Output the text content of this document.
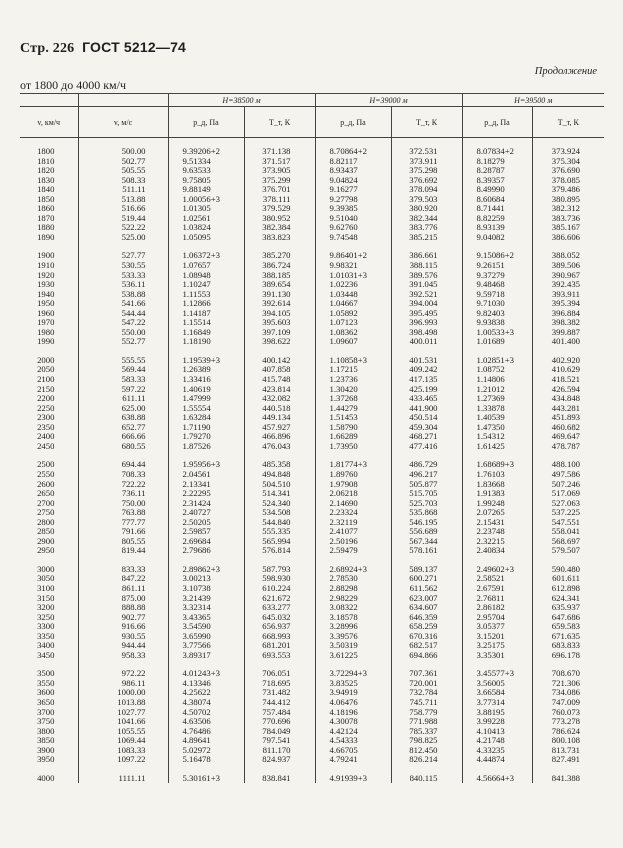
Стр. 226 ГОСТ 5212—74
Продолжение
от 1800 до 4000 км/ч
		H=38500 м		H=39000 м		H=39500 м	
v, км/ч	v, м/с	p_д, Па	T_т, К	p_д, Па	T_т, К	p_д, Па	T_т, К

1800	500.00	9.39206+2	371.138	8.70864+2	372.531	8.07834+2	373.924
1810	502.77	9.51334	371.517	8.82117	373.911	8.18279	375.304
1820	505.55	9.63533	373.905	8.93437	375.298	8.28787	376.690
1830	508.33	9.75805	375.299	9.04824	376.692	8.39357	378.085
1840	511.11	9.88149	376.701	9.16277	378.094	8.49990	379.486
1850	513.88	1.00056+3	378.111	9.27798	379.503	8.60684	380.895
1860	516.66	1.01305	379.529	9.39385	380.920	8.71441	382.312
1870	519.44	1.02561	380.952	9.51040	382.344	8.82259	383.736
1880	522.22	1.03824	382.384	9.62760	383.776	8.93139	385.167
1890	525.00	1.05095	383.823	9.74548	385.215	9.04082	386.606

1900	527.77	1.06372+3	385.270	9.86401+2	386.661	9.15086+2	388.052
1910	530.55	1.07657	386.724	9.98321	388.115	9.26151	389.506
1920	533.33	1.08948	388.185	1.01031+3	389.576	9.37279	390.967
1930	536.11	1.10247	389.654	1.02236	391.045	9.48468	392.435
1940	538.88	1.11553	391.130	1.03448	392.521	9.59718	393.911
1950	541.66	1.12866	392.614	1.04667	394.004	9.71030	395.394
1960	544.44	1.14187	394.105	1.05892	395.495	9.82403	396.884
1970	547.22	1.15514	395.603	1.07123	396.993	9.93838	398.382
1980	550.00	1.16849	397.109	1.08362	398.498	1.00533+3	399.887
1990	552.77	1.18190	398.622	1.09607	400.011	1.01689	401.400

2000	555.55	1.19539+3	400.142	1.10858+3	401.531	1.02851+3	402.920
2050	569.44	1.26389	407.858	1.17215	409.242	1.08752	410.629
2100	583.33	1.33416	415.748	1.23736	417.135	1.14806	418.521
2150	597.22	1.40619	423.814	1.30420	425.199	1.21012	426.594
2200	611.11	1.47999	432.082	1.37268	433.465	1.27369	434.848
2250	625.00	1.55554	440.518	1.44279	441.900	1.33878	443.281
2300	638.88	1.63284	449.134	1.51453	450.514	1.40539	451.893
2350	652.77	1.71190	457.927	1.58790	459.304	1.47350	460.682
2400	666.66	1.79270	466.896	1.66289	468.271	1.54312	469.647
2450	680.55	1.87526	476.043	1.73950	477.416	1.61425	478.787

2500	694.44	1.95956+3	485.358	1.81774+3	486.729	1.68689+3	488.100
2550	708.33	2.04561	494.848	1.89760	496.217	1.76103	497.586
2600	722.22	2.13341	504.510	1.97908	505.877	1.83668	507.246
2650	736.11	2.22295	514.341	2.06218	515.705	1.91383	517.069
2700	750.00	2.31424	524.340	2.14690	525.703	1.99248	527.063
2750	763.88	2.40727	534.508	2.23324	535.868	2.07265	537.225
2800	777.77	2.50205	544.840	2.32119	546.195	2.15431	547.551
2850	791.66	2.59857	555.335	2.41077	556.689	2.23748	558.041
2900	805.55	2.69684	565.994	2.50196	567.344	2.32215	568.697
2950	819.44	2.79686	576.814	2.59479	578.161	2.40834	579.507

3000	833.33	2.89862+3	587.793	2.68924+3	589.137	2.49602+3	590.480
3050	847.22	3.00213	598.930	2.78530	600.271	2.58521	601.611
3100	861.11	3.10738	610.224	2.88298	611.562	2.67591	612.898
3150	875.00	3.21439	621.672	2.98229	623.007	2.76811	624.341
3200	888.88	3.32314	633.277	3.08322	634.607	2.86182	635.937
3250	902.77	3.43365	645.032	3.18578	646.359	2.95704	647.686
3300	916.66	3.54590	656.937	3.28996	658.259	3.05377	659.583
3350	930.55	3.65990	668.993	3.39576	670.316	3.15201	671.635
3400	944.44	3.77566	681.201	3.50319	682.517	3.25175	683.833
3450	958.33	3.89317	693.553	3.61225	694.866	3.35301	696.178

3500	972.22	4.01243+3	706.051	3.72294+3	707.361	3.45577+3	708.670
3550	986.11	4.13346	718.695	3.83525	720.001	3.56005	721.306
3600	1000.00	4.25622	731.482	3.94919	732.784	3.66584	734.086
3650	1013.88	4.38074	744.412	4.06476	745.711	3.77314	747.009
3700	1027.77	4.50702	757.484	4.18196	758.779	3.88195	760.073
3750	1041.66	4.63506	770.696	4.30078	771.988	3.99228	773.278
3800	1055.55	4.76486	784.049	4.42124	785.337	4.10413	786.624
3850	1069.44	4.89641	797.541	4.54333	798.825	4.21748	800.108
3900	1083.33	5.02972	811.170	4.66705	812.450	4.33235	813.731
3950	1097.22	5.16478	824.937	4.79241	826.214	4.44874	827.491

4000	1111.11	5.30161+3	838.841	4.91939+3	840.115	4.56664+3	841.388
